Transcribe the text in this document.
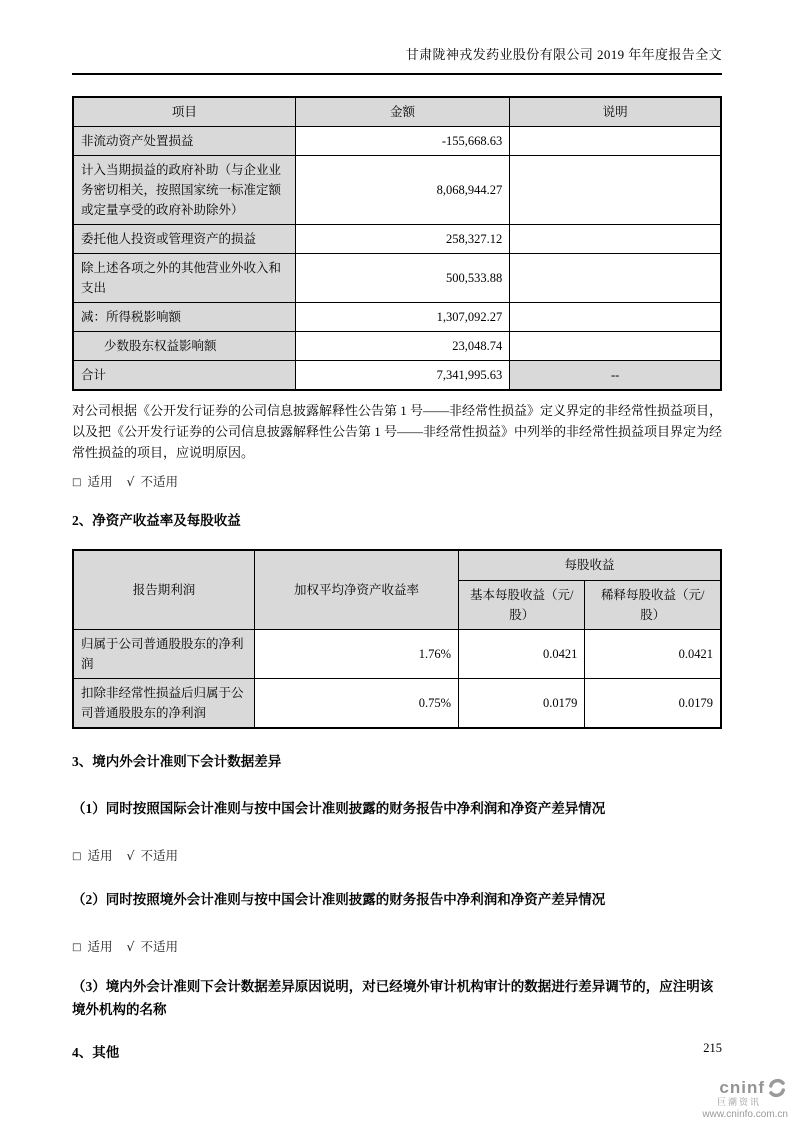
甘肃陇神戎发药业股份有限公司 2019 年年度报告全文
项目	金额	说明
非流动资产处置损益	-155,668.63	
计入当期损益的政府补助（与企业业务密切相关，按照国家统一标准定额或定量享受的政府补助除外）	8,068,944.27	
委托他人投资或管理资产的损益	258,327.12	
除上述各项之外的其他营业外收入和支出	500,533.88	
减：所得税影响额	1,307,092.27	
少数股东权益影响额	23,048.74	
合计	7,341,995.63	--

对公司根据《公开发行证券的公司信息披露解释性公告第 1 号——非经常性损益》定义界定的非经常性损益项目，以及把《公开发行证券的公司信息披露解释性公告第 1 号——非经常性损益》中列举的非经常性损益项目界定为经常性损益的项目，应说明原因。

□ 适用 √ 不适用

2、净资产收益率及每股收益
报告期利润	加权平均净资产收益率	每股收益	
		基本每股收益（元/股）	稀释每股收益（元/股）
归属于公司普通股股东的净利润	1.76%	0.0421	0.0421
扣除非经常性损益后归属于公司普通股股东的净利润	0.75%	0.0179	0.0179
3、境内外会计准则下会计数据差异
（1）同时按照国际会计准则与按中国会计准则披露的财务报告中净利润和净资产差异情况

□ 适用 √ 不适用

（2）同时按照境外会计准则与按中国会计准则披露的财务报告中净利润和净资产差异情况

□ 适用 √ 不适用

（3）境内外会计准则下会计数据差异原因说明，对已经境外审计机构审计的数据进行差异调节的，应注明该境外机构的名称
4、其他	215
cninf
巨潮资讯
www.cninfo.com.cn
